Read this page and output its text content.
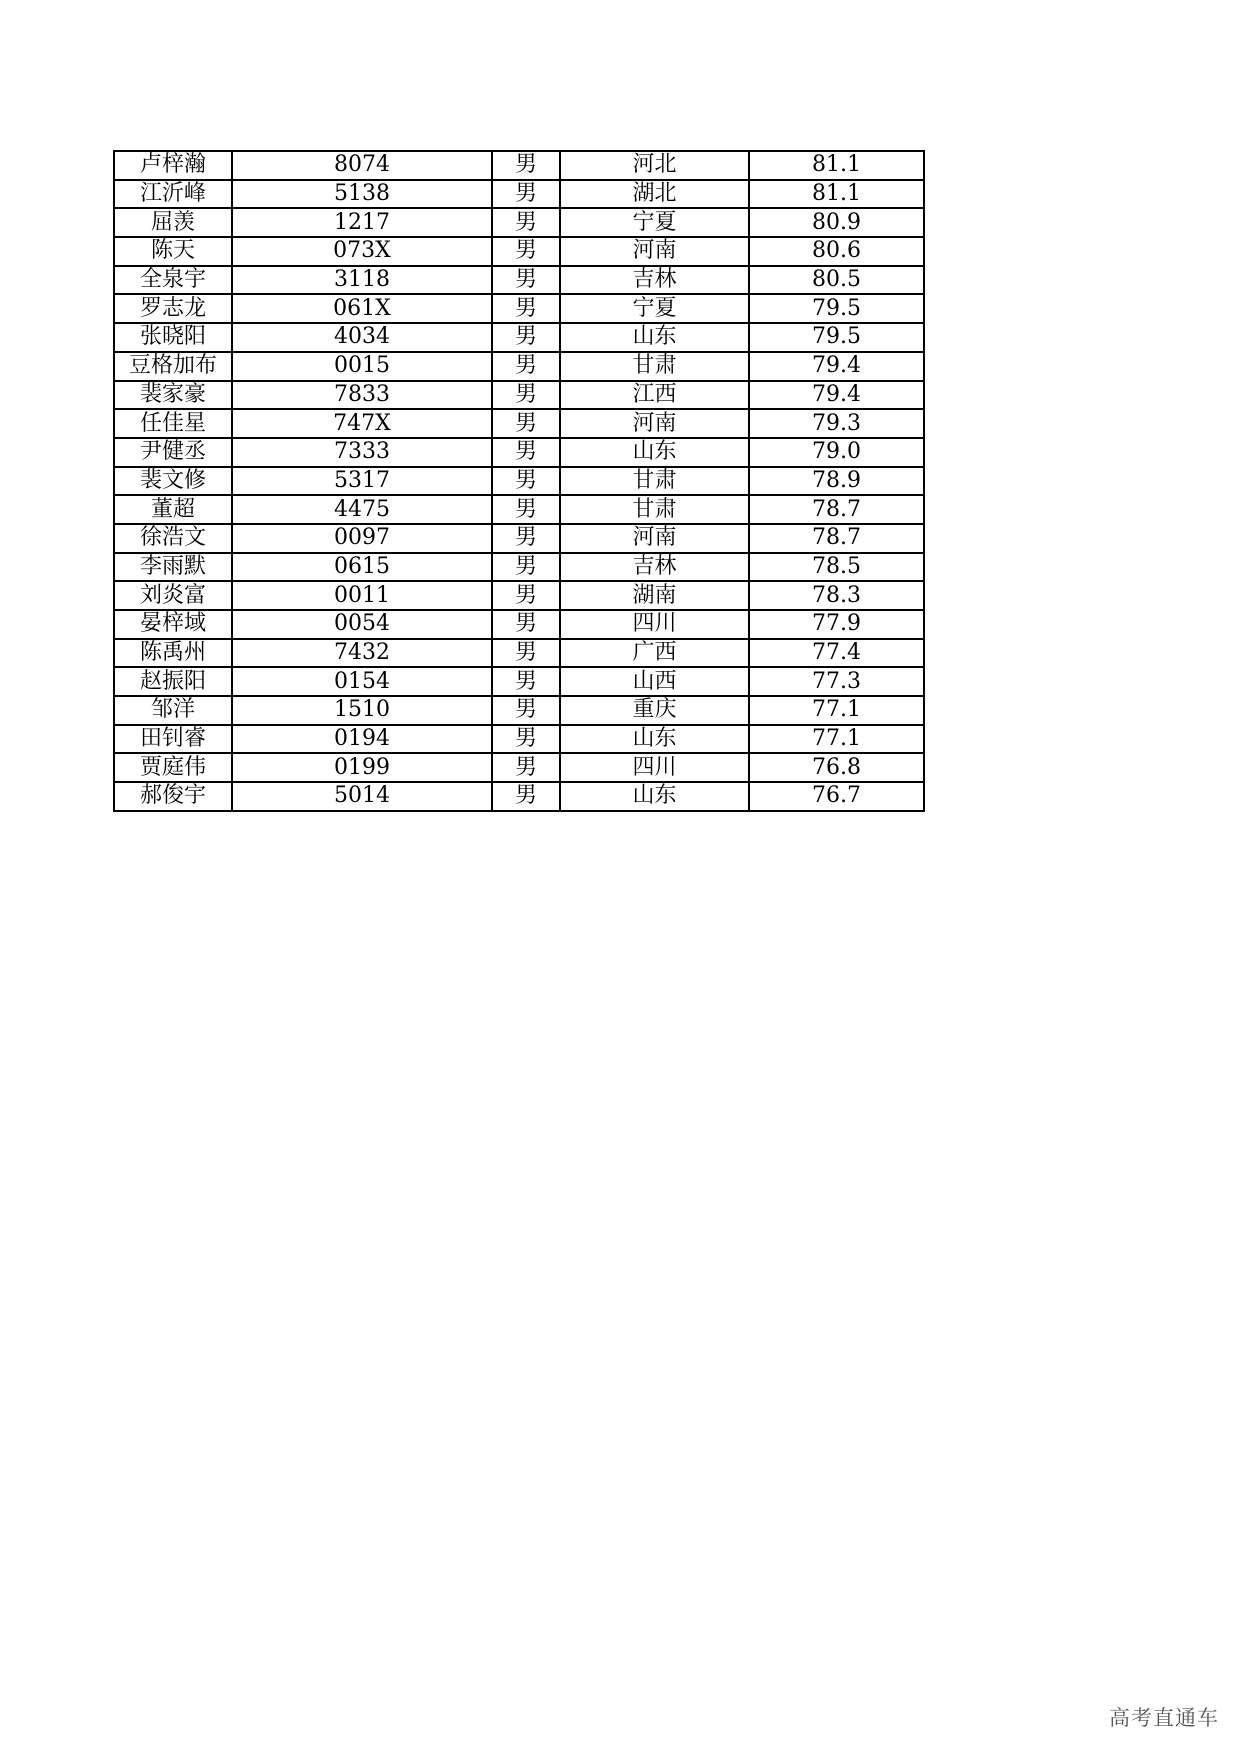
卢梓瀚	8074	男	河北	81.1
江沂峰	5138	男	湖北	81.1
屈羡	1217	男	宁夏	80.9
陈天	073X	男	河南	80.6
全泉宇	3118	男	吉林	80.5
罗志龙	061X	男	宁夏	79.5
张晓阳	4034	男	山东	79.5
豆格加布	0015	男	甘肃	79.4
裴家豪	7833	男	江西	79.4
任佳星	747X	男	河南	79.3
尹健丞	7333	男	山东	79.0
裴文修	5317	男	甘肃	78.9
董超	4475	男	甘肃	78.7
徐浩文	0097	男	河南	78.7
李雨默	0615	男	吉林	78.5
刘炎富	0011	男	湖南	78.3
晏梓域	0054	男	四川	77.9
陈禹州	7432	男	广西	77.4
赵振阳	0154	男	山西	77.3
邹洋	1510	男	重庆	77.1
田钊睿	0194	男	山东	77.1
贾庭伟	0199	男	四川	76.8
郝俊宇	5014	男	山东	76.7
高考直通车
